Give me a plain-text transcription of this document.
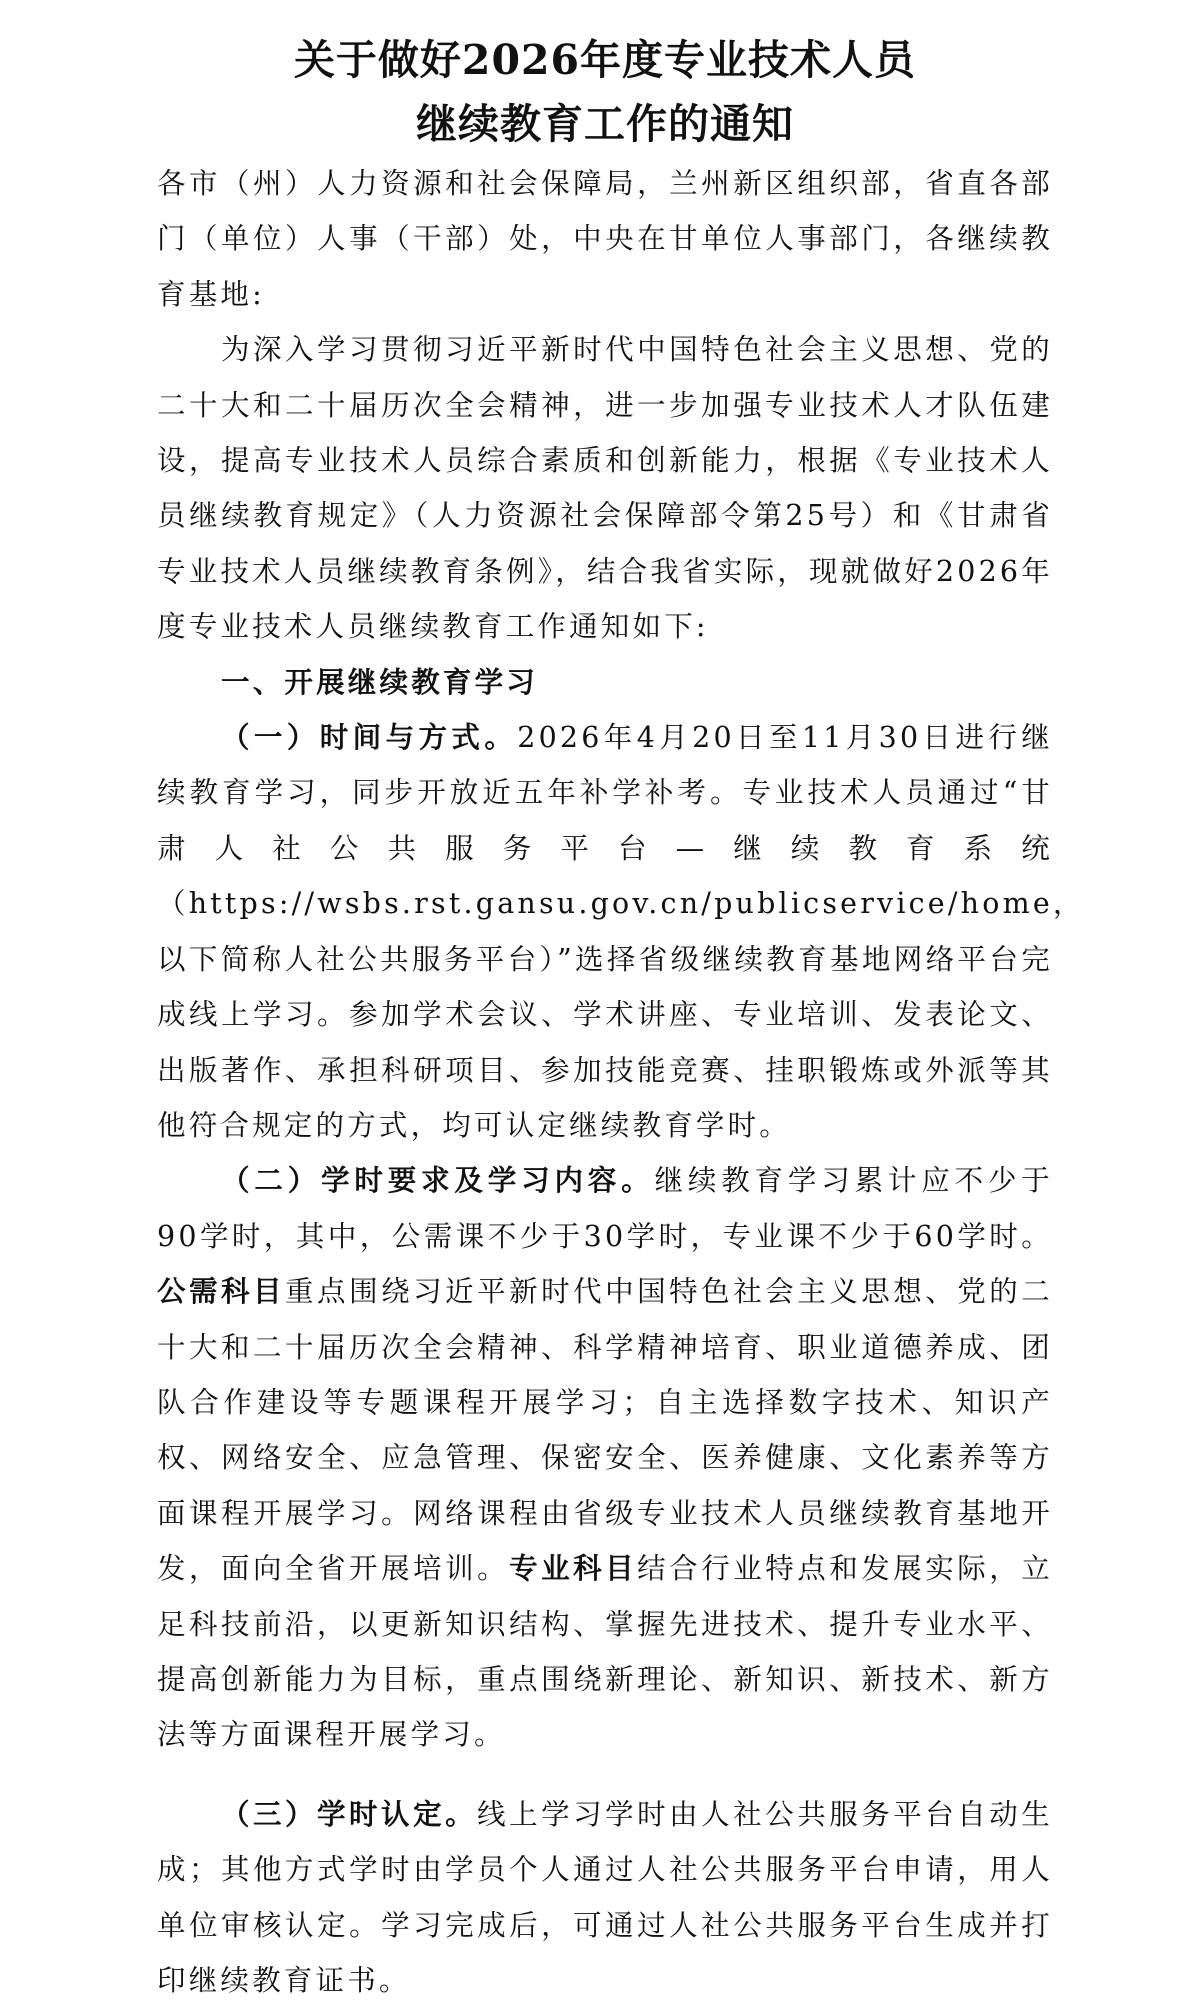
关于做好2026年度专业技术人员
继续教育工作的通知

各市（州）人力资源和社会保障局，兰州新区组织部，省直各部门（单位）人事（干部）处，中央在甘单位人事部门，各继续教育基地:

为深入学习贯彻习近平新时代中国特色社会主义思想、党的二十大和二十届历次全会精神，进一步加强专业技术人才队伍建设，提高专业技术人员综合素质和创新能力，根据《专业技术人员继续教育规定》（人力资源社会保障部令第25号）和《甘肃省专业技术人员继续教育条例》，结合我省实际，现就做好2026年度专业技术人员继续教育工作通知如下:

一、开展继续教育学习

（一）时间与方式。2026年4月20日至11月30日进行继续教育学习，同步开放近五年补学补考。专业技术人员通过“甘肃人社公共服务平台—继续教育系统（https://wsbs.rst.gansu.gov.cn/publicservice/home，以下简称人社公共服务平台）”选择省级继续教育基地网络平台完成线上学习。参加学术会议、学术讲座、专业培训、发表论文、出版著作、承担科研项目、参加技能竞赛、挂职锻炼或外派等其他符合规定的方式，均可认定继续教育学时。

（二）学时要求及学习内容。继续教育学习累计应不少于90学时，其中，公需课不少于30学时，专业课不少于60学时。公需科目重点围绕习近平新时代中国特色社会主义思想、党的二十大和二十届历次全会精神、科学精神培育、职业道德养成、团队合作建设等专题课程开展学习；自主选择数字技术、知识产权、网络安全、应急管理、保密安全、医养健康、文化素养等方面课程开展学习。网络课程由省级专业技术人员继续教育基地开发，面向全省开展培训。专业科目结合行业特点和发展实际，立足科技前沿，以更新知识结构、掌握先进技术、提升专业水平、提高创新能力为目标，重点围绕新理论、新知识、新技术、新方法等方面课程开展学习。

（三）学时认定。线上学习学时由人社公共服务平台自动生成；其他方式学时由学员个人通过人社公共服务平台申请，用人单位审核认定。学习完成后，可通过人社公共服务平台生成并打印继续教育证书。
